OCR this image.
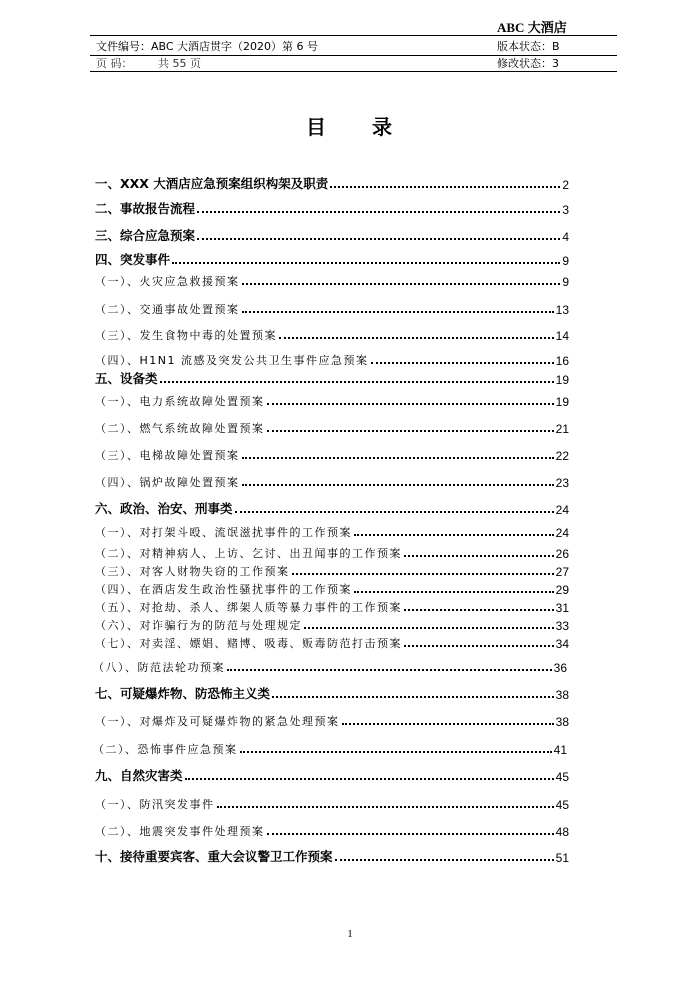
ABC 大酒店
文件编号：ABC 大酒店贯字（2020）第 6 号	版本状态：B
页 码： 共 55 页	修改状态：3
目 录
一、XXX 大酒店应急预案组织构架及职责	2
二、事故报告流程	3
三、综合应急预案	4
四、突发事件	9
（一）、火灾应急救援预案	9
（二）、交通事故处置预案	13
（三）、发生食物中毒的处置预案	14
（四）、H1N1 流感及突发公共卫生事件应急预案	16
五、设备类	19
（一）、电力系统故障处置预案	19
（二）、燃气系统故障处置预案	21
（三）、电梯故障处置预案	22
（四）、锅炉故障处置预案	23
六、政治、治安、刑事类	24
（一）、对打架斗殴、流氓滋扰事件的工作预案	24
（二）、对精神病人、上访、乞讨、出丑闻事的工作预案	26
（三）、对客人财物失窃的工作预案	27
（四）、在酒店发生政治性骚扰事件的工作预案	29
（五）、对抢劫、杀人、绑架人质等暴力事件的工作预案	31
（六）、对诈骗行为的防范与处理规定	33
（七）、对卖淫、嫖娼、赌博、吸毒、贩毒防范打击预案	34
（八）、防范法轮功预案	36
七、可疑爆炸物、防恐怖主义类	38
（一）、对爆炸及可疑爆炸物的紧急处理预案	38
（二）、恐怖事件应急预案	41
九、自然灾害类	45
（一）、防汛突发事件	45
（二）、地震突发事件处理预案	48
十、接待重要宾客、重大会议警卫工作预案	51
1
